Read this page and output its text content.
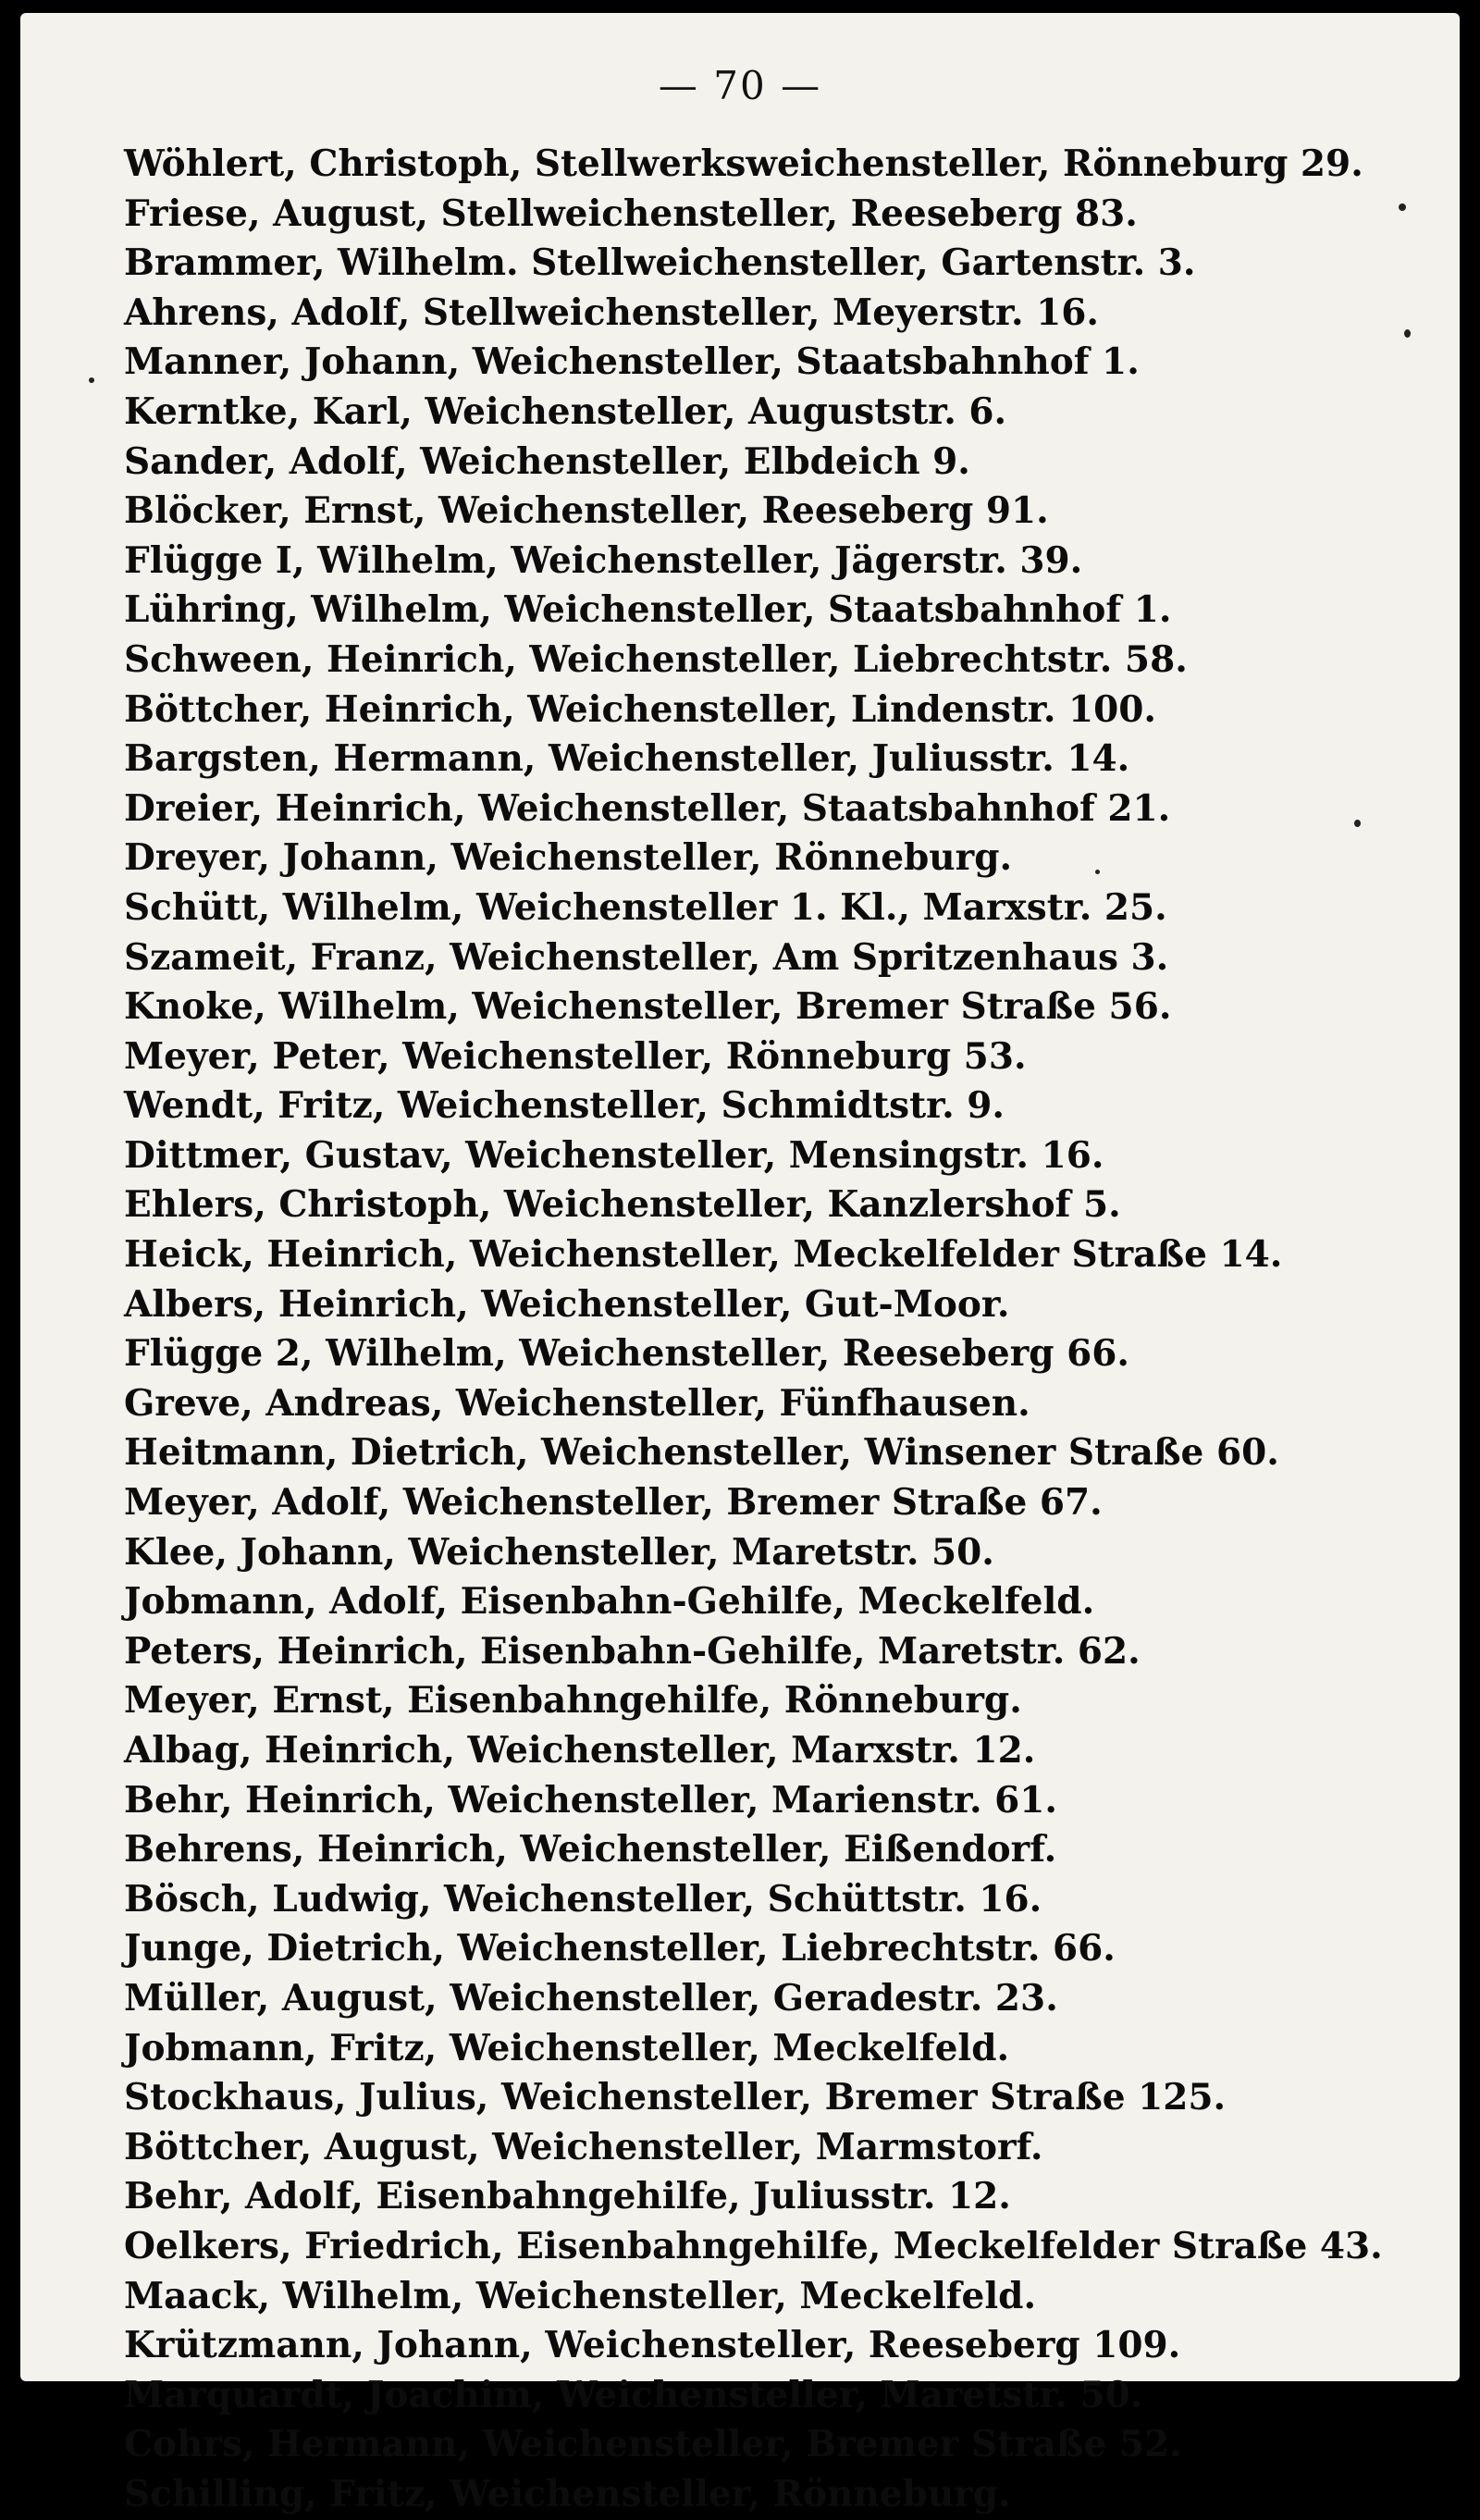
— 70 —
Wöhlert, Christoph, Stellwerksweichensteller, Rönneburg 29.
Friese, August, Stellweichensteller, Reeseberg 83.
Brammer, Wilhelm. Stellweichensteller, Gartenstr. 3.
Ahrens, Adolf, Stellweichensteller, Meyerstr. 16.
Manner, Johann, Weichensteller, Staatsbahnhof 1.
Kerntke, Karl, Weichensteller, Auguststr. 6.
Sander, Adolf, Weichensteller, Elbdeich 9.
Blöcker, Ernst, Weichensteller, Reeseberg 91.
Flügge I, Wilhelm, Weichensteller, Jägerstr. 39.
Lühring, Wilhelm, Weichensteller, Staatsbahnhof 1.
Schween, Heinrich, Weichensteller, Liebrechtstr. 58.
Böttcher, Heinrich, Weichensteller, Lindenstr. 100.
Bargsten, Hermann, Weichensteller, Juliusstr. 14.
Dreier, Heinrich, Weichensteller, Staatsbahnhof 21.
Dreyer, Johann, Weichensteller, Rönneburg.
Schütt, Wilhelm, Weichensteller 1. Kl., Marxstr. 25.
Szameit, Franz, Weichensteller, Am Spritzenhaus 3.
Knoke, Wilhelm, Weichensteller, Bremer Straße 56.
Meyer, Peter, Weichensteller, Rönneburg 53.
Wendt, Fritz, Weichensteller, Schmidtstr. 9.
Dittmer, Gustav, Weichensteller, Mensingstr. 16.
Ehlers, Christoph, Weichensteller, Kanzlershof 5.
Heick, Heinrich, Weichensteller, Meckelfelder Straße 14.
Albers, Heinrich, Weichensteller, Gut-Moor.
Flügge 2, Wilhelm, Weichensteller, Reeseberg 66.
Greve, Andreas, Weichensteller, Fünfhausen.
Heitmann, Dietrich, Weichensteller, Winsener Straße 60.
Meyer, Adolf, Weichensteller, Bremer Straße 67.
Klee, Johann, Weichensteller, Maretstr. 50.
Jobmann, Adolf, Eisenbahn-Gehilfe, Meckelfeld.
Peters, Heinrich, Eisenbahn-Gehilfe, Maretstr. 62.
Meyer, Ernst, Eisenbahngehilfe, Rönneburg.
Albag, Heinrich, Weichensteller, Marxstr. 12.
Behr, Heinrich, Weichensteller, Marienstr. 61.
Behrens, Heinrich, Weichensteller, Eißendorf.
Bösch, Ludwig, Weichensteller, Schüttstr. 16.
Junge, Dietrich, Weichensteller, Liebrechtstr. 66.
Müller, August, Weichensteller, Geradestr. 23.
Jobmann, Fritz, Weichensteller, Meckelfeld.
Stockhaus, Julius, Weichensteller, Bremer Straße 125.
Böttcher, August, Weichensteller, Marmstorf.
Behr, Adolf, Eisenbahngehilfe, Juliusstr. 12.
Oelkers, Friedrich, Eisenbahngehilfe, Meckelfelder Straße 43.
Maack, Wilhelm, Weichensteller, Meckelfeld.
Krützmann, Johann, Weichensteller, Reeseberg 109.
Marquardt, Joachim, Weichensteller, Maretstr. 50.
Cohrs, Hermann, Weichensteller, Bremer Straße 52.
Schilling, Fritz, Weichensteller, Rönneburg.
